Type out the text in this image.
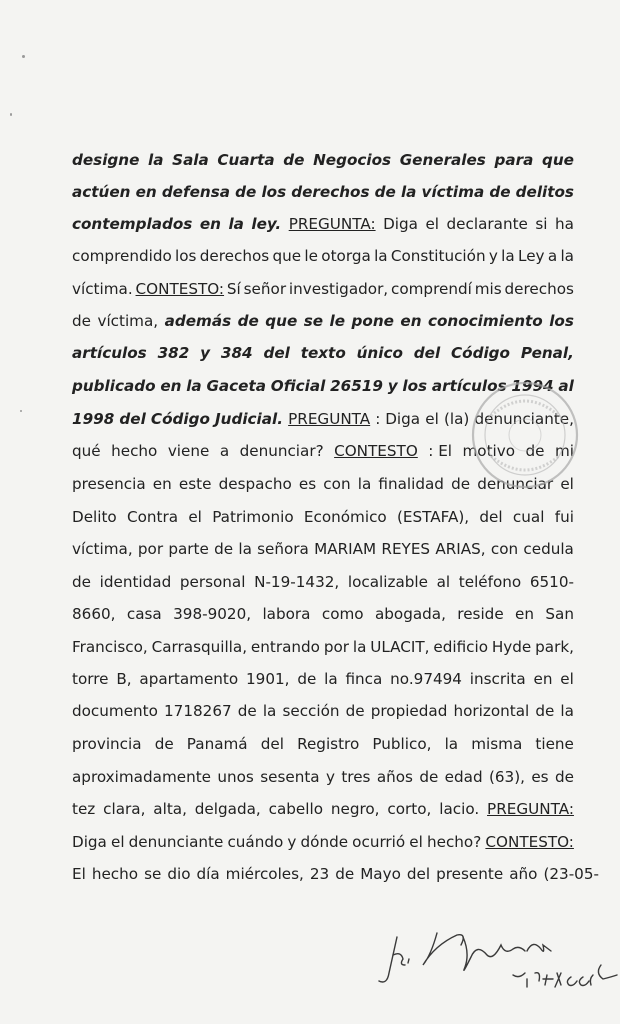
designe la Sala Cuarta de Negocios Generales para que
actúen en defensa de los derechos de la víctima de delitos
contemplados en la ley. PREGUNTA: Diga el declarante si ha
comprendido los derechos que le otorga la Constitución y la Ley a la
víctima. CONTESTO: Sí señor investigador, comprendí mis derechos
de víctima, además de que se le pone en conocimiento los
artículos 382 y 384 del texto único del Código Penal,
publicado en la Gaceta Oficial 26519 y los artículos 1994 al
1998 del Código Judicial. PREGUNTA : Diga el (la) denunciante,
qué hecho viene a denunciar? CONTESTO : El motivo de mi
presencia en este despacho es con la finalidad de denunciar el
Delito Contra el Patrimonio Económico (ESTAFA), del cual fui
víctima, por parte de la señora MARIAM REYES ARIAS, con cedula
de identidad personal N-19-1432, localizable al teléfono 6510-
8660, casa 398-9020, labora como abogada, reside en San
Francisco, Carrasquilla, entrando por la ULACIT, edificio Hyde park,
torre B, apartamento 1901, de la finca no.97494 inscrita en el
documento 1718267 de la sección de propiedad horizontal de la
provincia de Panamá del Registro Publico, la misma tiene
aproximadamente unos sesenta y tres años de edad (63), es de
tez clara, alta, delgada, cabello negro, corto, lacio. PREGUNTA:
Diga el denunciante cuándo y dónde ocurrió el hecho? CONTESTO:
El hecho se dio día miércoles, 23 de Mayo del presente año (23-05-
